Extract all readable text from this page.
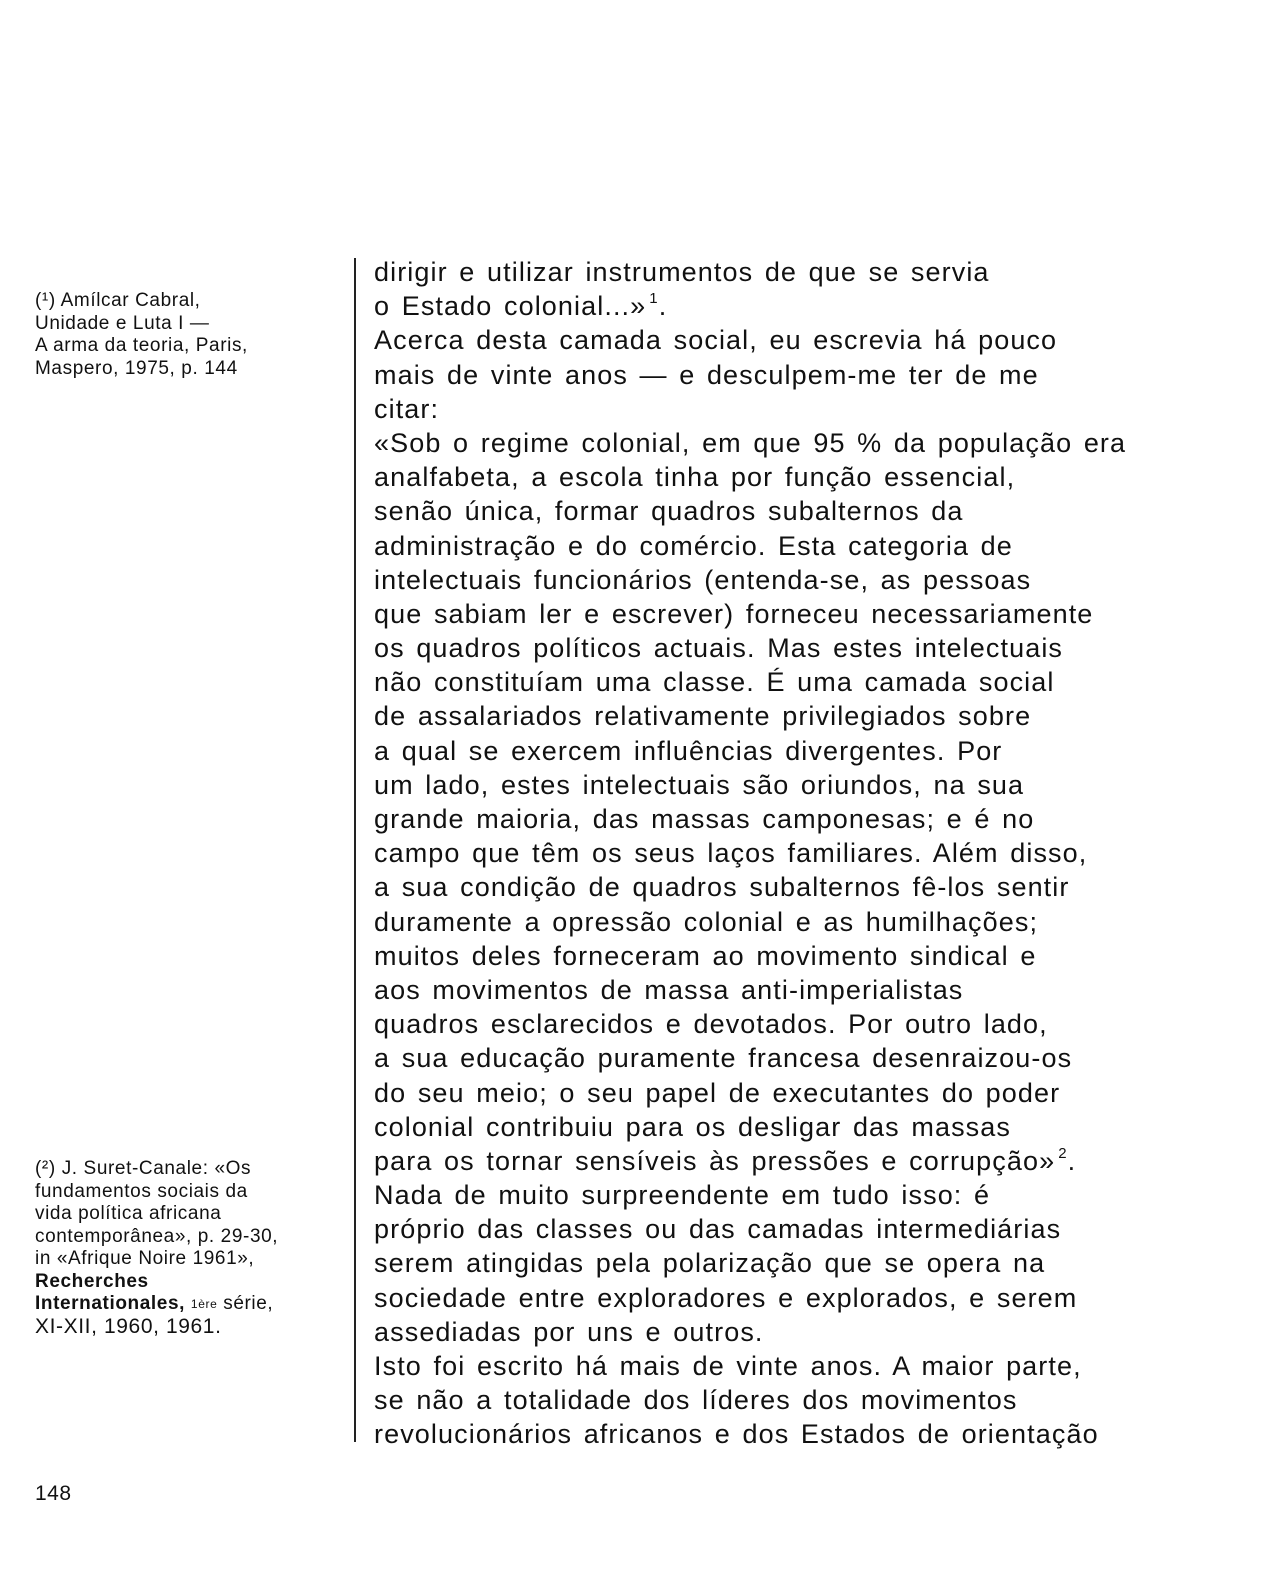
(¹) Amílcar Cabral,
Unidade e Luta I —
A arma da teoria, Paris,
Maspero, 1975, p. 144
(²) J. Suret-Canale: «Os
fundamentos sociais da
vida política africana
contemporânea», p. 29-30,
in «Afrique Noire 1961»,
Recherches
Internationales, $^{1ère}$ série,
XI-XII, 1960, 1961.
dirigir e utilizar instrumentos de que se servia
o Estado colonial...» $^1$.
Acerca desta camada social, eu escrevia há pouco
mais de vinte anos — e desculpem-me ter de me
citar:
«Sob o regime colonial, em que 95 % da população era
analfabeta, a escola tinha por função essencial,
senão única, formar quadros subalternos da
administração e do comércio. Esta categoria de
intelectuais funcionários (entenda-se, as pessoas
que sabiam ler e escrever) forneceu necessariamente
os quadros políticos actuais. Mas estes intelectuais
não constituíam uma classe. É uma camada social
de assalariados relativamente privilegiados sobre
a qual se exercem influências divergentes. Por
um lado, estes intelectuais são oriundos, na sua
grande maioria, das massas camponesas; e é no
campo que têm os seus laços familiares. Além disso,
a sua condição de quadros subalternos fê-los sentir
duramente a opressão colonial e as humilhações;
muitos deles forneceram ao movimento sindical e
aos movimentos de massa anti-imperialistas
quadros esclarecidos e devotados. Por outro lado,
a sua educação puramente francesa desenraizou-os
do seu meio; o seu papel de executantes do poder
colonial contribuiu para os desligar das massas
para os tornar sensíveis às pressões e corrupção» $^2$.
Nada de muito surpreendente em tudo isso: é
próprio das classes ou das camadas intermediárias
serem atingidas pela polarização que se opera na
sociedade entre exploradores e explorados, e serem
assediadas por uns e outros.
Isto foi escrito há mais de vinte anos. A maior parte,
se não a totalidade dos líderes dos movimentos
revolucionários africanos e dos Estados de orientação
148
